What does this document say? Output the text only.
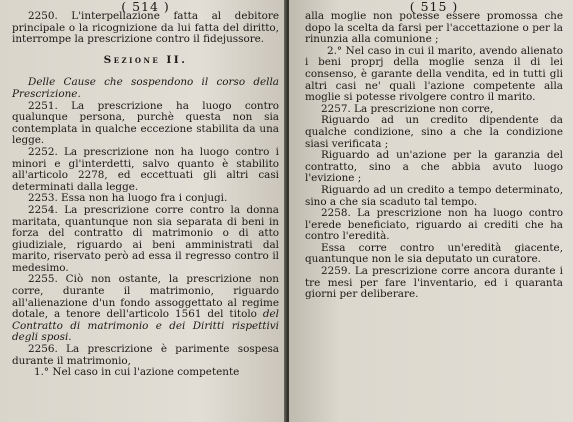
( 514 )

2250. L'interpellazione fatta al debitore principale o la ricognizione da lui fatta del diritto, interrompe la prescrizione contro il fidejussore.

Sezione II.

Delle Cause che sospendono il corso della Prescrizione.

2251. La prescrizione ha luogo contro qualunque persona, purchè questa non sia contemplata in qualche eccezione stabilita da una legge.

2252. La prescrizione non ha luogo contro i minori e gl'interdetti, salvo quanto è stabilito all'articolo 2278, ed eccettuati gli altri casi determinati dalla legge.

2253. Essa non ha luogo fra i conjugi.

2254. La prescrizione corre contro la donna maritata, quantunque non sia separata di beni in forza del contratto di matrimonio o di atto giudiziale, riguardo ai beni amministrati dal marito, riservato però ad essa il regresso contro il medesimo.

2255. Ciò non ostante, la prescrizione non corre, durante il matrimonio, riguardo all'alienazione d'un fondo assoggettato al regime dotale, a tenore dell'articolo 1561 del titolo del Contratto di matrimonio e dei Diritti rispettivi degli sposi.

2256. La prescrizione è parimente sospesa durante il matrimonio,

1.° Nel caso in cui l'azione competente

( 515 )

alla moglie non potesse essere promossa che dopo la scelta da farsi per l'accettazione o per la rinunzia alla comunione ;

2.° Nel caso in cui il marito, avendo alienato i beni proprj della moglie senza il di lei consenso, è garante della vendita, ed in tutti gli altri casi ne' quali l'azione competente alla moglie si potesse rivolgere contro il marito.

2257. La prescrizione non corre,

Riguardo ad un credito dipendente da qualche condizione, sino a che la condizione siasi verificata ;

Riguardo ad un'azione per la garanzia del contratto, sino a che abbia avuto luogo l'evizione ;

Riguardo ad un credito a tempo determinato, sino a che sia scaduto tal tempo.

2258. La prescrizione non ha luogo contro l'erede beneficiato, riguardo ai crediti che ha contro l'eredità.

Essa corre contro un'eredità giacente, quantunque non le sia deputato un curatore.

2259. La prescrizione corre ancora durante i tre mesi per fare l'inventario, ed i quaranta giorni per deliberare.
